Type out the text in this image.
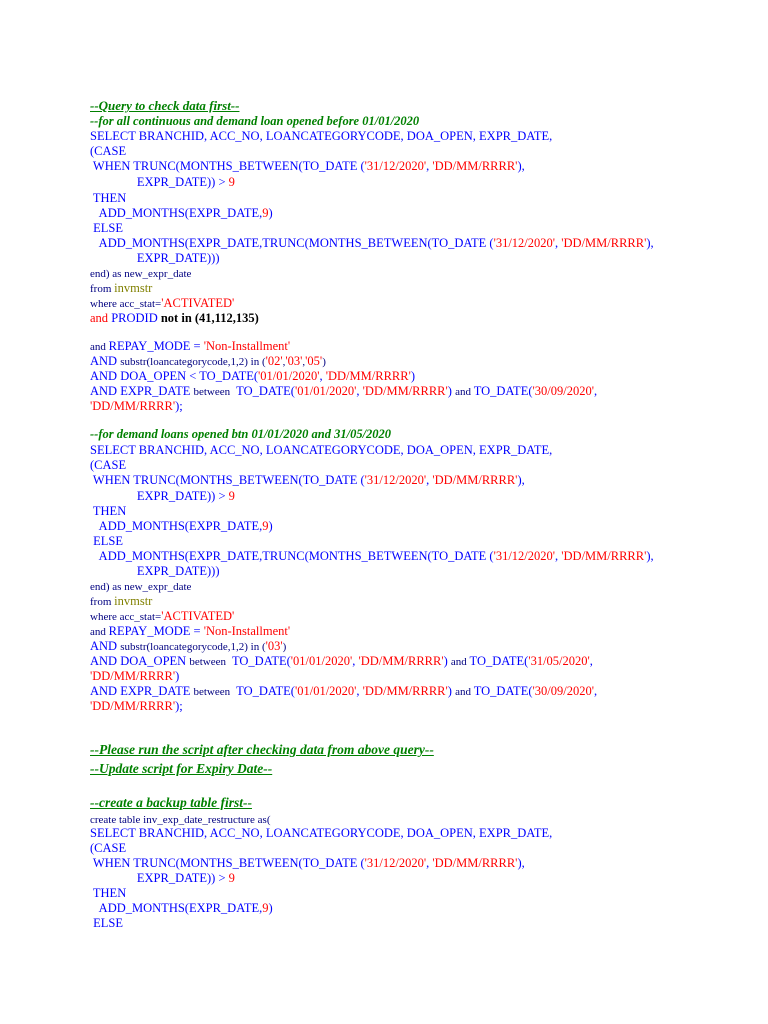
--Query to check data first--
--for all continuous and demand loan opened before 01/01/2020
SELECT BRANCHID, ACC_NO, LOANCATEGORYCODE, DOA_OPEN, EXPR_DATE,
(CASE
WHEN TRUNC(MONTHS_BETWEEN(TO_DATE ('31/12/2020', 'DD/MM/RRRR'),
EXPR_DATE)) > 9
THEN
ADD_MONTHS(EXPR_DATE,9)
ELSE
ADD_MONTHS(EXPR_DATE,TRUNC(MONTHS_BETWEEN(TO_DATE ('31/12/2020', 'DD/MM/RRRR'),
EXPR_DATE)))
end) as new_expr_date
from invmstr
where acc_stat='ACTIVATED'
and PRODID not in (41,112,135)
and REPAY_MODE = 'Non-Installment'
AND substr(loancategorycode,1,2) in ('02','03','05')
AND DOA_OPEN < TO_DATE('01/01/2020', 'DD/MM/RRRR')
AND EXPR_DATE between  TO_DATE('01/01/2020', 'DD/MM/RRRR') and TO_DATE('30/09/2020',
'DD/MM/RRRR');
--for demand loans opened btn 01/01/2020 and 31/05/2020
SELECT BRANCHID, ACC_NO, LOANCATEGORYCODE, DOA_OPEN, EXPR_DATE,
(CASE
WHEN TRUNC(MONTHS_BETWEEN(TO_DATE ('31/12/2020', 'DD/MM/RRRR'),
EXPR_DATE)) > 9
THEN
ADD_MONTHS(EXPR_DATE,9)
ELSE
ADD_MONTHS(EXPR_DATE,TRUNC(MONTHS_BETWEEN(TO_DATE ('31/12/2020', 'DD/MM/RRRR'),
EXPR_DATE)))
end) as new_expr_date
from invmstr
where acc_stat='ACTIVATED'
and REPAY_MODE = 'Non-Installment'
AND substr(loancategorycode,1,2) in ('03')
AND DOA_OPEN between  TO_DATE('01/01/2020', 'DD/MM/RRRR') and TO_DATE('31/05/2020',
'DD/MM/RRRR')
AND EXPR_DATE between  TO_DATE('01/01/2020', 'DD/MM/RRRR') and TO_DATE('30/09/2020',
'DD/MM/RRRR');
--Please run the script after checking data from above query--
--Update script for Expiry Date--
--create a backup table first--
create table inv_exp_date_restructure as(
SELECT BRANCHID, ACC_NO, LOANCATEGORYCODE, DOA_OPEN, EXPR_DATE,
(CASE
WHEN TRUNC(MONTHS_BETWEEN(TO_DATE ('31/12/2020', 'DD/MM/RRRR'),
EXPR_DATE)) > 9
THEN
ADD_MONTHS(EXPR_DATE,9)
ELSE
